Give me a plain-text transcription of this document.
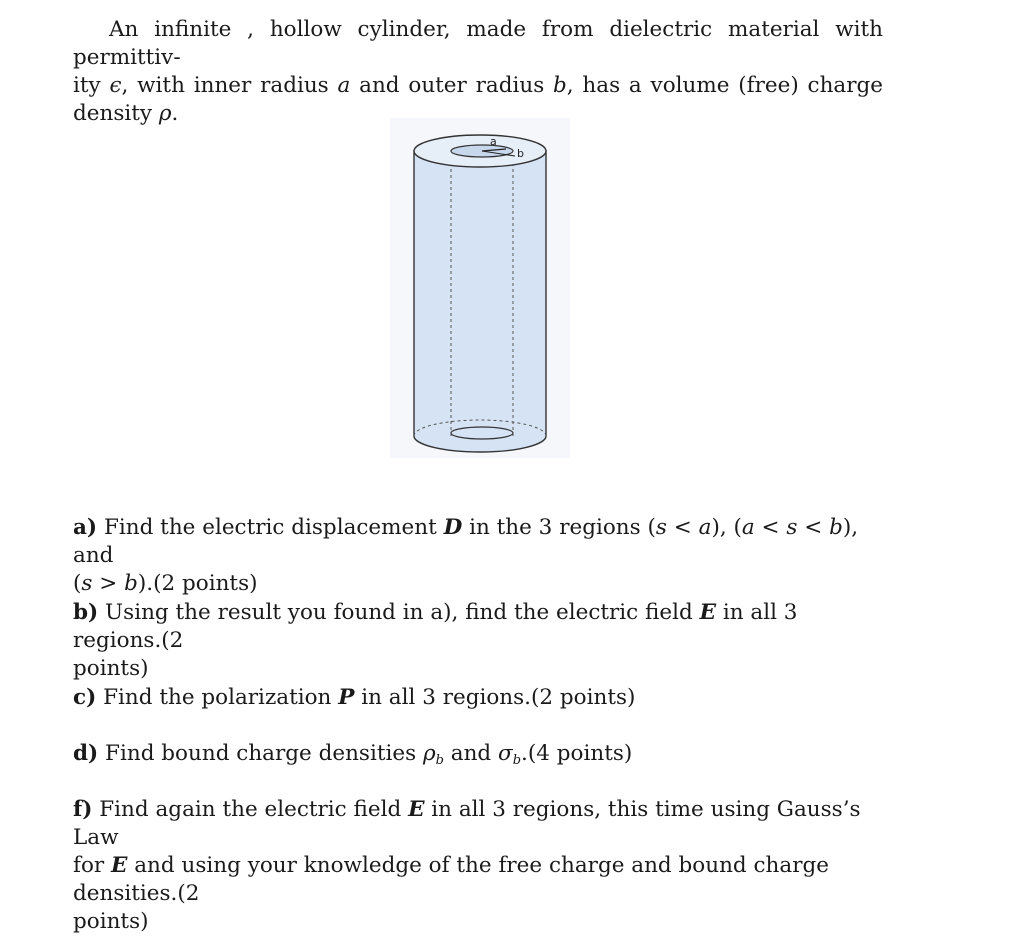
An infinite , hollow cylinder, made from dielectric material with permittiv-
ity ϵ, with inner radius a and outer radius b, has a volume (free) charge density ρ.
a
b
a) Find the electric displacement D in the 3 regions (s < a), (a < s < b), and
(s > b).(2 points)
b) Using the result you found in a), find the electric field E in all 3 regions.(2
points)
c) Find the polarization P in all 3 regions.(2 points)
d) Find bound charge densities $\rho_b$ and $\sigma_b.(4$ points)
f) Find again the electric field E in all 3 regions, this time using Gauss’s Law
for E and using your knowledge of the free charge and bound charge densities.(2
points)
